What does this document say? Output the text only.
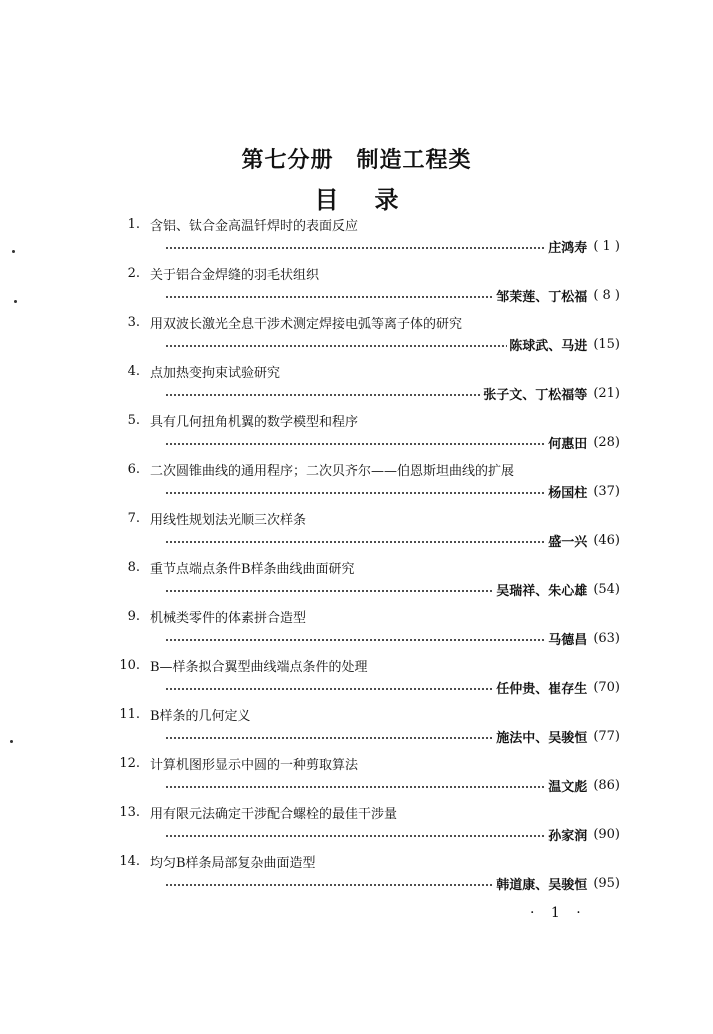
第七分册　制造工程类
目录
1. 含铝、钛合金高温钎焊时的表面反应
庄鸿寿 ( 1 )
2. 关于铝合金焊缝的羽毛状组织
邹茉莲、丁松福 ( 8 )
3. 用双波长激光全息干涉术测定焊接电弧等离子体的研究
陈球武、马进 (15)
4. 点加热变拘束试验研究
张子文、丁松福等 (21)
5. 具有几何扭角机翼的数学模型和程序
何惠田 (28)
6. 二次圆锥曲线的通用程序；二次贝齐尔——伯恩斯坦曲线的扩展
杨国柱 (37)
7. 用线性规划法光顺三次样条
盛一兴 (46)
8. 重节点端点条件B样条曲线曲面研究
吴瑞祥、朱心雄 (54)
9. 机械类零件的体素拼合造型
马德昌 (63)
10. B—样条拟合翼型曲线端点条件的处理
任仲贵、崔存生 (70)
11. B样条的几何定义
施法中、吴骏恒 (77)
12. 计算机图形显示中圆的一种剪取算法
温文彪 (86)
13. 用有限元法确定干涉配合螺栓的最佳干涉量
孙家润 (90)
14. 均匀B样条局部复杂曲面造型
韩道康、吴骏恒 (95)
· 1 ·
